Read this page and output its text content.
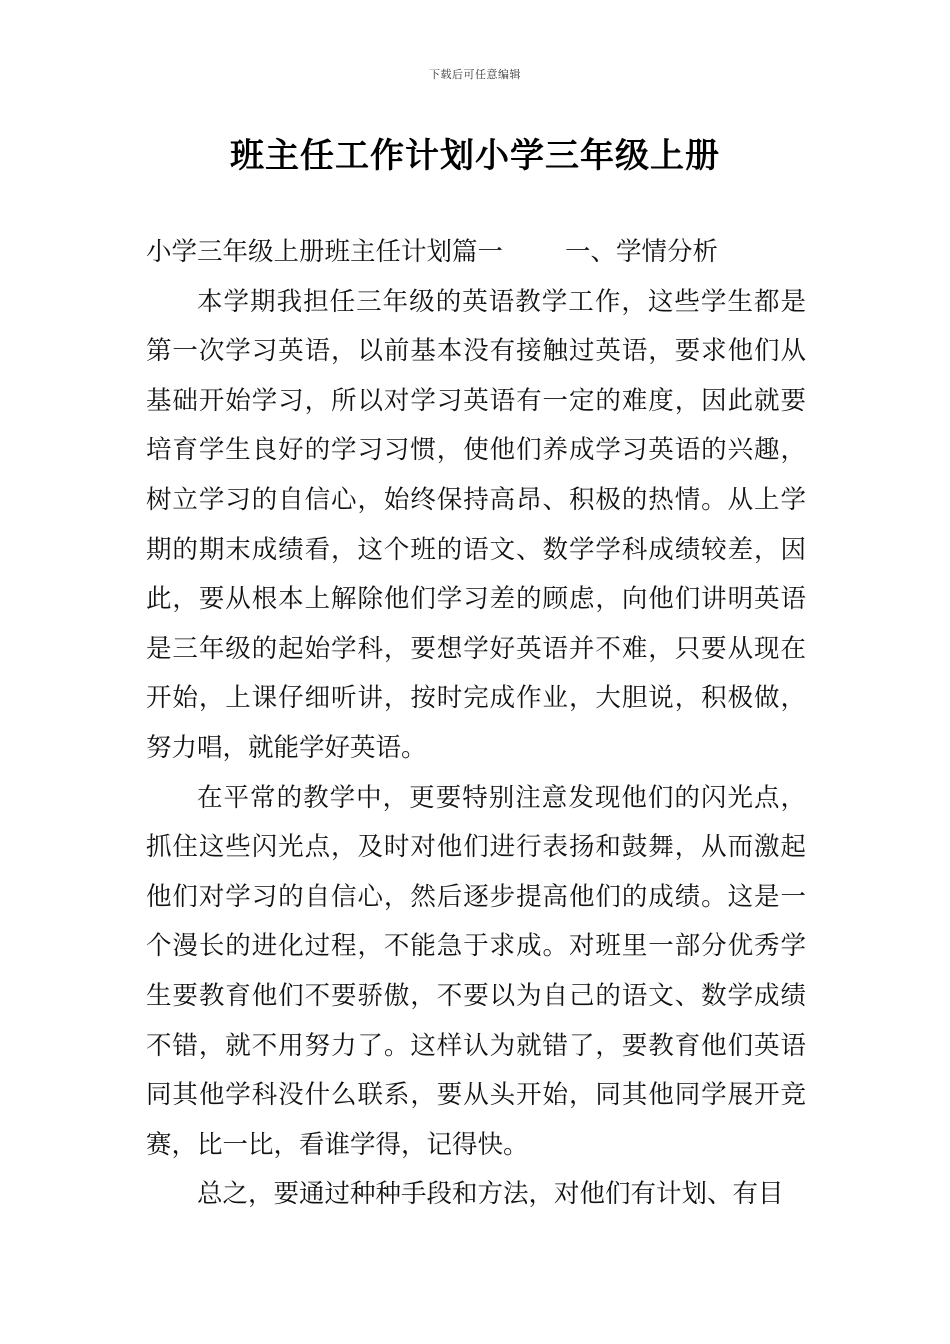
下载后可任意编辑
班主任工作计划小学三年级上册
小学三年级上册班主任计划篇一 一、学情分析

本学期我担任三年级的英语教学工作，这些学生都是第一次学习英语，以前基本没有接触过英语，要求他们从基础开始学习，所以对学习英语有一定的难度，因此就要培育学生良好的学习习惯，使他们养成学习英语的兴趣，树立学习的自信心，始终保持高昂、积极的热情。从上学期的期末成绩看，这个班的语文、数学学科成绩较差，因此，要从根本上解除他们学习差的顾虑，向他们讲明英语是三年级的起始学科，要想学好英语并不难，只要从现在开始，上课仔细听讲，按时完成作业，大胆说，积极做，努力唱，就能学好英语。

在平常的教学中，更要特别注意发现他们的闪光点，抓住这些闪光点，及时对他们进行表扬和鼓舞，从而激起他们对学习的自信心，然后逐步提高他们的成绩。这是一个漫长的进化过程，不能急于求成。对班里一部分优秀学生要教育他们不要骄傲，不要以为自己的语文、数学成绩不错，就不用努力了。这样认为就错了，要教育他们英语同其他学科没什么联系，要从头开始，同其他同学展开竞赛，比一比，看谁学得，记得快。

总之，要通过种种手段和方法，对他们有计划、有目
